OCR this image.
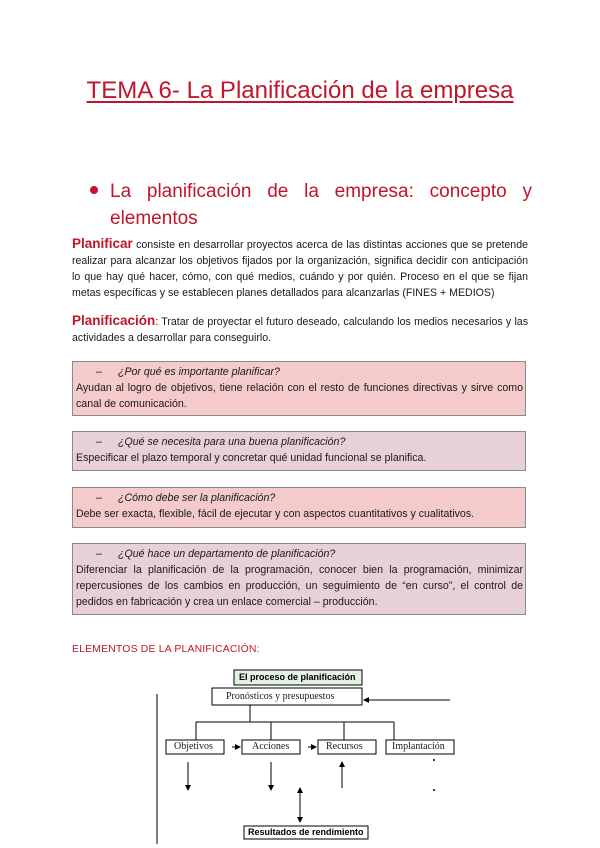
TEMA 6- La Planificación de la empresa
La planificación de la empresa: concepto y elementos

Planificar consiste en desarrollar proyectos acerca de las distintas acciones que se pretende realizar para alcanzar los objetivos fijados por la organización, significa decidir con anticipación lo que hay qué hacer, cómo, con qué medios, cuándo y por quién. Proceso en el que se fijan metas específicas y se establecen planes detallados para alcanzarlas (FINES + MEDIOS)

Planificación: Tratar de proyectar el futuro deseado, calculando los medios necesarios y las actividades a desarrollar para conseguirlo.

– ¿Por qué es importante planificar?
Ayudan al logro de objetivos, tiene relación con el resto de funciones directivas y sirve como canal de comunicación.
– ¿Qué se necesita para una buena planificación?
Especificar el plazo temporal y concretar qué unidad funcional se planifica.
– ¿Cómo debe ser la planificación?
Debe ser exacta, flexible, fácil de ejecutar y con aspectos cuantitativos y cualitativos.
– ¿Qué hace un departamento de planificación?
Diferenciar la planificación de la programación, conocer bien la programación, minimizar repercusiones de los cambios en producción, un seguimiento de “en curso”, el control de pedidos en fabricación y crea un enlace comercial – producción.
ELEMENTOS DE LA PLANIFICACIÓN:
El proceso de planificación
Pronósticos y presupuestos
Objetivos	Acciones	Recursos	Implantación
Resultados de rendimiento
